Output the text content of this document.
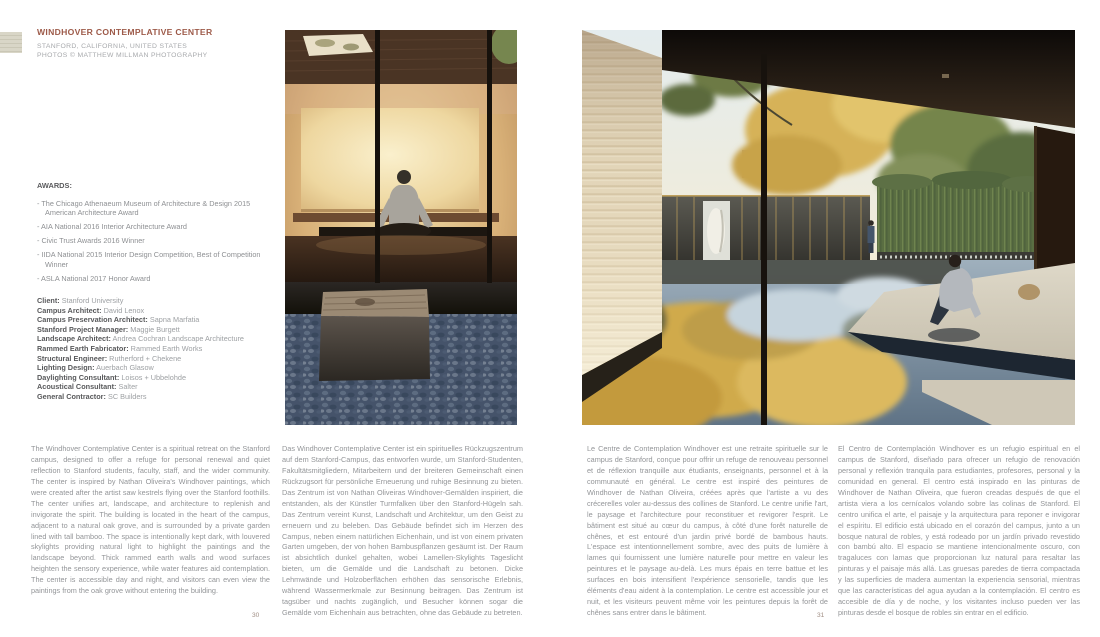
WINDHOVER CONTEMPLATIVE CENTER
STANFORD, CALIFORNIA, UNITED STATES
PHOTOS © MATTHEW MILLMAN PHOTOGRAPHY
AWARDS:
- The Chicago Athenaeum Museum of Architecture & Design 2015 American Architecture Award
- AIA National 2016 Interior Architecture Award
- Civic Trust Awards 2016 Winner
- IIDA National 2015 Interior Design Competition, Best of Competition Winner
- ASLA National 2017 Honor Award
Client: Stanford University
Campus Architect: David Lenox
Campus Preservation Architect: Sapna Marfatia
Stanford Project Manager: Maggie Burgett
Landscape Architect: Andrea Cochran Landscape Architecture
Rammed Earth Fabricator: Rammed Earth Works
Structural Engineer: Rutherford + Chekene
Lighting Design: Auerbach Glasow
Daylighting Consultant: Loisos + Ubbelohde
Acoustical Consultant: Salter
General Contractor: SC Builders

The Windhover Contemplative Center is a spiritual retreat on the Stanford campus, designed to offer a refuge for personal renewal and quiet reflection to Stanford students, faculty, staff, and the wider community. The center is inspired by Nathan Oliveira's Windhover paintings, which were created after the artist saw kestrels flying over the Stanford foothills. The center unifies art, landscape, and architecture to replenish and invigorate the spirit. The building is located in the heart of the campus, adjacent to a natural oak grove, and is surrounded by a private garden lined with tall bamboo. The space is intentionally kept dark, with louvered skylights providing natural light to highlight the paintings and the landscape beyond. Thick rammed earth walls and wood surfaces heighten the sensory experience, while water features aid contemplation. The center is accessible day and night, and visitors can even view the paintings from the oak grove without entering the building.

Das Windhover Contemplative Center ist ein spirituelles Rückzugszentrum auf dem Stanford-Campus, das entworfen wurde, um Stanford-Studenten, Fakultätsmitgliedern, Mitarbeitern und der breiteren Gemeinschaft einen Rückzugsort für persönliche Erneuerung und ruhige Besinnung zu bieten. Das Zentrum ist von Nathan Oliveiras Windhover-Gemälden inspiriert, die entstanden, als der Künstler Turmfalken über den Stanford-Hügeln sah. Das Zentrum vereint Kunst, Landschaft und Architektur, um den Geist zu erneuern und zu beleben. Das Gebäude befindet sich im Herzen des Campus, neben einem natürlichen Eichenhain, und ist von einem privaten Garten umgeben, der von hohen Bambuspflanzen gesäumt ist. Der Raum ist absichtlich dunkel gehalten, wobei Lamellen-Skylights Tageslicht bieten, um die Gemälde und die Landschaft zu betonen. Dicke Lehmwände und Holzoberflächen erhöhen das sensorische Erlebnis, während Wassermerkmale zur Besinnung beitragen. Das Zentrum ist tagsüber und nachts zugänglich, und Besucher können sogar die Gemälde vom Eichenhain aus betrachten, ohne das Gebäude zu betreten.

30

Le Centre de Contemplation Windhover est une retraite spirituelle sur le campus de Stanford, conçue pour offrir un refuge de renouveau personnel et de réflexion tranquille aux étudiants, enseignants, personnel et à la communauté en général. Le centre est inspiré des peintures de Windhover de Nathan Oliveira, créées après que l'artiste a vu des crécerelles voler au-dessus des collines de Stanford. Le centre unifie l'art, le paysage et l'architecture pour reconstituer et revigorer l'esprit. Le bâtiment est situé au cœur du campus, à côté d'une forêt naturelle de chênes, et est entouré d'un jardin privé bordé de bambous hauts. L'espace est intentionnellement sombre, avec des puits de lumière à lames qui fournissent une lumière naturelle pour mettre en valeur les peintures et le paysage au-delà. Les murs épais en terre battue et les surfaces en bois intensifient l'expérience sensorielle, tandis que les éléments d'eau aident à la contemplation. Le centre est accessible jour et nuit, et les visiteurs peuvent même voir les peintures depuis la forêt de chênes sans entrer dans le bâtiment.

El Centro de Contemplación Windhover es un refugio espiritual en el campus de Stanford, diseñado para ofrecer un refugio de renovación personal y reflexión tranquila para estudiantes, profesores, personal y la comunidad en general. El centro está inspirado en las pinturas de Windhover de Nathan Oliveira, que fueron creadas después de que el artista viera a los cernícalos volando sobre las colinas de Stanford. El centro unifica el arte, el paisaje y la arquitectura para reponer e invigorar el espíritu. El edificio está ubicado en el corazón del campus, junto a un bosque natural de robles, y está rodeado por un jardín privado revestido con bambú alto. El espacio se mantiene intencionalmente oscuro, con tragaluces con lamas que proporcionan luz natural para resaltar las pinturas y el paisaje más allá. Las gruesas paredes de tierra compactada y las superficies de madera aumentan la experiencia sensorial, mientras que las características del agua ayudan a la contemplación. El centro es accesible de día y de noche, y los visitantes incluso pueden ver las pinturas desde el bosque de robles sin entrar en el edificio.

31
